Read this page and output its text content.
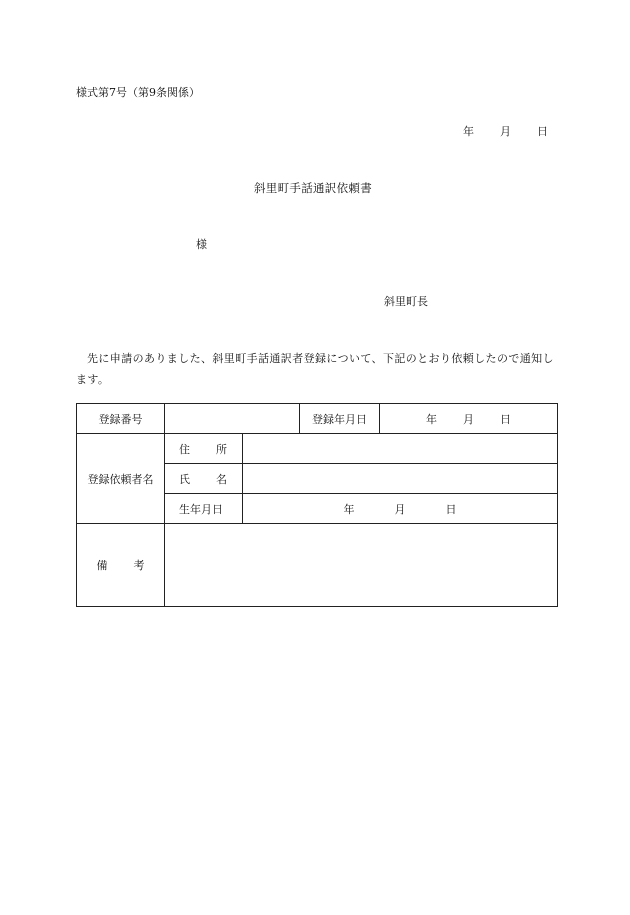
様式第7号（第9条関係）
年 月 日
斜里町手話通訳依頼書
様
斜里町長
先に申請のありました、斜里町手話通訳者登録について、下記のとおり依頼したので通知します。
登録番号			登録年月日	年 月 日
登録依頼者名	住 所			
	氏 名			
	生年月日	年 月 日		
備 考				
